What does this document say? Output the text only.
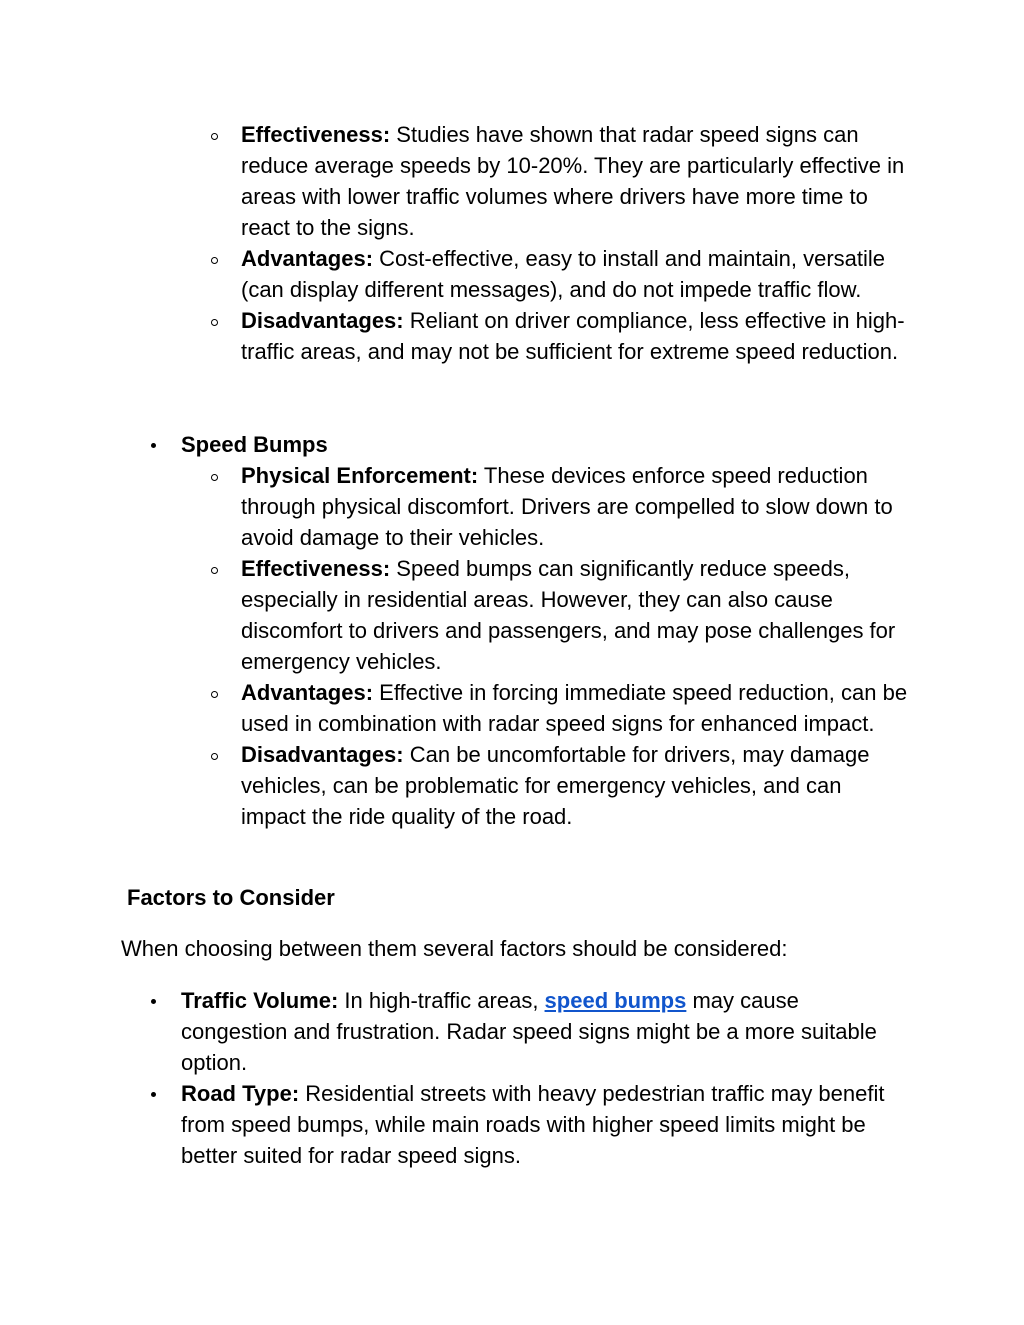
Effectiveness: Studies have shown that radar speed signs can reduce average speeds by 10-20%. They are particularly effective in areas with lower traffic volumes where drivers have more time to react to the signs.
Advantages: Cost-effective, easy to install and maintain, versatile (can display different messages), and do not impede traffic flow.
Disadvantages: Reliant on driver compliance, less effective in high-traffic areas, and may not be sufficient for extreme speed reduction.
Speed Bumps
Physical Enforcement: These devices enforce speed reduction through physical discomfort. Drivers are compelled to slow down to avoid damage to their vehicles.
Effectiveness: Speed bumps can significantly reduce speeds, especially in residential areas. However, they can also cause discomfort to drivers and passengers, and may pose challenges for emergency vehicles.
Advantages: Effective in forcing immediate speed reduction, can be used in combination with radar speed signs for enhanced impact.
Disadvantages: Can be uncomfortable for drivers, may damage vehicles, can be problematic for emergency vehicles, and can impact the ride quality of the road.

Factors to Consider

When choosing between them several factors should be considered:

Traffic Volume: In high-traffic areas, speed bumps may cause congestion and frustration. Radar speed signs might be a more suitable option.
Road Type: Residential streets with heavy pedestrian traffic may benefit from speed bumps, while main roads with higher speed limits might be better suited for radar speed signs.
